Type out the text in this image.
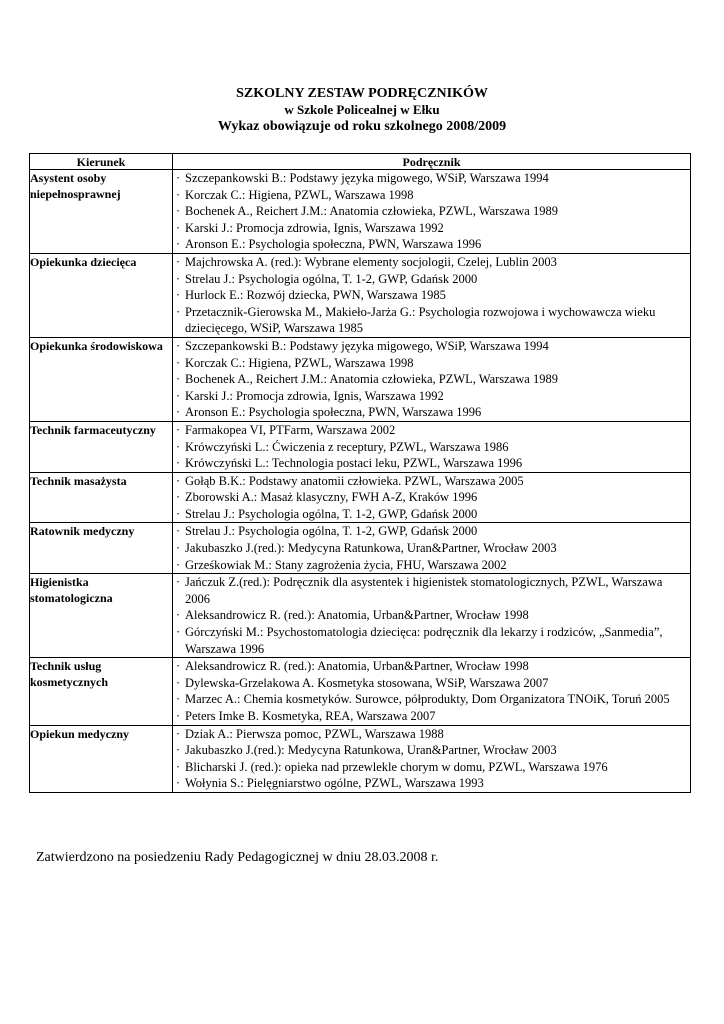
SZKOLNY ZESTAW PODRĘCZNIKÓW
w Szkole Policealnej w Ełku
Wykaz obowiązuje od roku szkolnego 2008/2009
Kierunek	Podręcznik
Asystent osoby niepełnosprawnej	· Szczepankowski B.: Podstawy języka migowego, WSiP, Warszawa 1994
· Korczak C.: Higiena, PZWL, Warszawa 1998
· Bochenek A., Reichert J.M.: Anatomia człowieka, PZWL, Warszawa 1989
· Karski J.: Promocja zdrowia, Ignis, Warszawa 1992
· Aronson E.: Psychologia społeczna, PWN, Warszawa 1996

Opiekunka dziecięca	· Majchrowska A. (red.): Wybrane elementy socjologii, Czelej, Lublin 2003
· Strelau J.: Psychologia ogólna, T. 1-2, GWP, Gdańsk 2000
· Hurlock E.: Rozwój dziecka, PWN, Warszawa 1985
· Przetacznik-Gierowska M., Makieło-Jarża G.: Psychologia rozwojowa i wychowawcza wieku dziecięcego, WSiP, Warszawa 1985

Opiekunka środowiskowa	· Szczepankowski B.: Podstawy języka migowego, WSiP, Warszawa 1994
· Korczak C.: Higiena, PZWL, Warszawa 1998
· Bochenek A., Reichert J.M.: Anatomia człowieka, PZWL, Warszawa 1989
· Karski J.: Promocja zdrowia, Ignis, Warszawa 1992
· Aronson E.: Psychologia społeczna, PWN, Warszawa 1996

Technik farmaceutyczny	· Farmakopea VI, PTFarm, Warszawa 2002
· Krówczyński L.: Ćwiczenia z receptury, PZWL, Warszawa 1986
· Krówczyński L.: Technologia postaci leku, PZWL, Warszawa 1996

Technik masażysta	· Gołąb B.K.: Podstawy anatomii człowieka. PZWL, Warszawa 2005
· Zborowski A.: Masaż klasyczny, FWH A-Z, Kraków 1996
· Strelau J.: Psychologia ogólna, T. 1-2, GWP, Gdańsk 2000

Ratownik medyczny	· Strelau J.: Psychologia ogólna, T. 1-2, GWP, Gdańsk 2000
· Jakubaszko J.(red.): Medycyna Ratunkowa, Uran&Partner, Wrocław 2003
· Grześkowiak M.: Stany zagrożenia życia, FHU, Warszawa 2002

Higienistka stomatologiczna	· Jańczuk Z.(red.): Podręcznik dla asystentek i higienistek stomatologicznych, PZWL, Warszawa 2006
· Aleksandrowicz R. (red.): Anatomia, Urban&Partner, Wrocław 1998
· Górczyński M.: Psychostomatologia dziecięca: podręcznik dla lekarzy i rodziców, „Sanmedia”, Warszawa 1996

Technik usług kosmetycznych	· Aleksandrowicz R. (red.): Anatomia, Urban&Partner, Wrocław 1998
· Dylewska-Grzelakowa A. Kosmetyka stosowana, WSiP, Warszawa 2007
· Marzec A.: Chemia kosmetyków. Surowce, półprodukty, Dom Organizatora TNOiK, Toruń 2005
· Peters Imke B. Kosmetyka, REA, Warszawa 2007

Opiekun medyczny	· Dziak A.: Pierwsza pomoc, PZWL, Warszawa 1988
· Jakubaszko J.(red.): Medycyna Ratunkowa, Uran&Partner, Wrocław 2003
· Blicharski J. (red.): opieka nad przewlekle chorym w domu, PZWL, Warszawa 1976
· Wołynia S.: Pielęgniarstwo ogólne, PZWL, Warszawa 1993
Zatwierdzono na posiedzeniu Rady Pedagogicznej w dniu 28.03.2008 r.
